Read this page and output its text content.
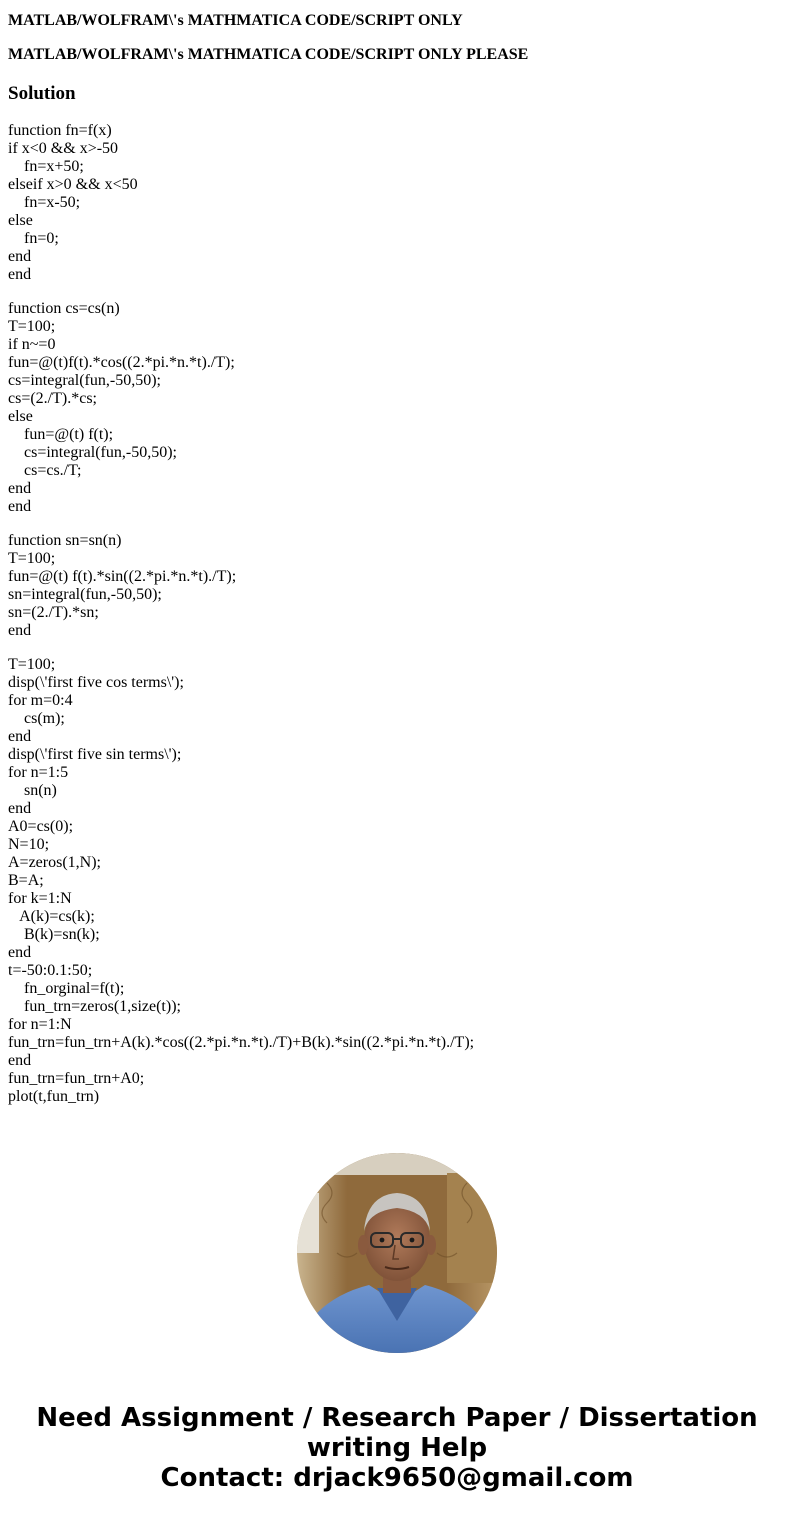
MATLAB/WOLFRAM\'s MATHMATICA CODE/SCRIPT ONLY
MATLAB/WOLFRAM\'s MATHMATICA CODE/SCRIPT ONLY PLEASE
Solution
function fn=f(x)
if x<0 && x>-50
fn=x+50;
elseif x>0 && x<50
fn=x-50;
else
fn=0;
end
end
function cs=cs(n)
T=100;
if n~=0
fun=@(t)f(t).*cos((2.*pi.*n.*t)./T);
cs=integral(fun,-50,50);
cs=(2./T).*cs;
else
fun=@(t) f(t);
cs=integral(fun,-50,50);
cs=cs./T;
end
end
function sn=sn(n)
T=100;
fun=@(t) f(t).*sin((2.*pi.*n.*t)./T);
sn=integral(fun,-50,50);
sn=(2./T).*sn;
end
T=100;
disp(\'first five cos terms\');
for m=0:4
cs(m);
end
disp(\'first five sin terms\');
for n=1:5
sn(n)
end
A0=cs(0);
N=10;
A=zeros(1,N);
B=A;
for k=1:N
A(k)=cs(k);
B(k)=sn(k);
end
t=-50:0.1:50;
fn_orginal=f(t);
fun_trn=zeros(1,size(t));
for n=1:N
fun_trn=fun_trn+A(k).*cos((2.*pi.*n.*t)./T)+B(k).*sin((2.*pi.*n.*t)./T);
end
fun_trn=fun_trn+A0;
plot(t,fun_trn)
Need Assignment / Research Paper / Dissertation
writing Help
Contact: drjack9650@gmail.com
